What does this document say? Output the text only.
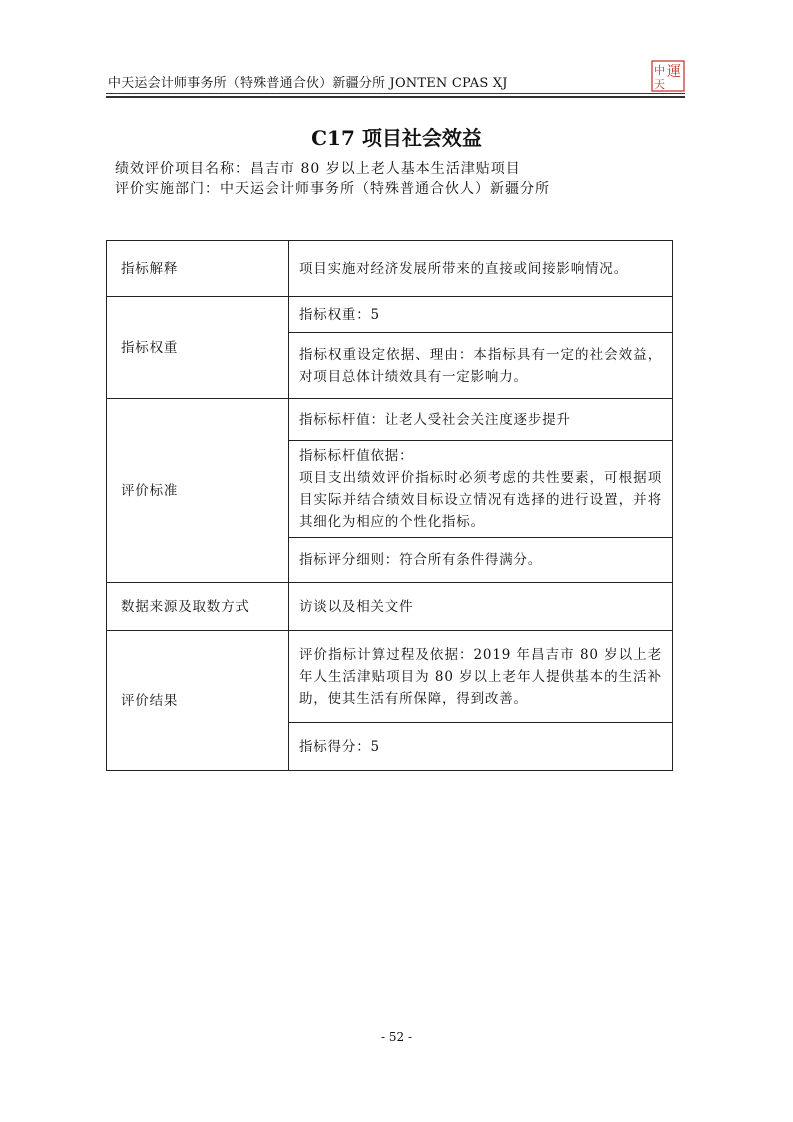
中天运会计师事务所（特殊普通合伙）新疆分所 JONTEN CPAS XJ
中 運
天
C17 项目社会效益
绩效评价项目名称：昌吉市 80 岁以上老人基本生活津贴项目
评价实施部门：中天运会计师事务所（特殊普通合伙人）新疆分所
指标解释	项目实施对经济发展所带来的直接或间接影响情况。
指标权重	指标权重：5
	指标权重设定依据、理由：本指标具有一定的社会效益，对项目总体计绩效具有一定影响力。
评价标准	指标标杆值：让老人受社会关注度逐步提升

	指标标杆值依据：
项目支出绩效评价指标时必须考虑的共性要素，可根据项目实际并结合绩效目标设立情况有选择的进行设置，并将其细化为相应的个性化指标。

	指标评分细则：符合所有条件得满分。
数据来源及取数方式	访谈以及相关文件
评价结果	评价指标计算过程及依据：2019 年昌吉市 80 岁以上老年人生活津贴项目为 80 岁以上老年人提供基本的生活补助，使其生活有所保障，得到改善。
	指标得分：5
- 52 -
